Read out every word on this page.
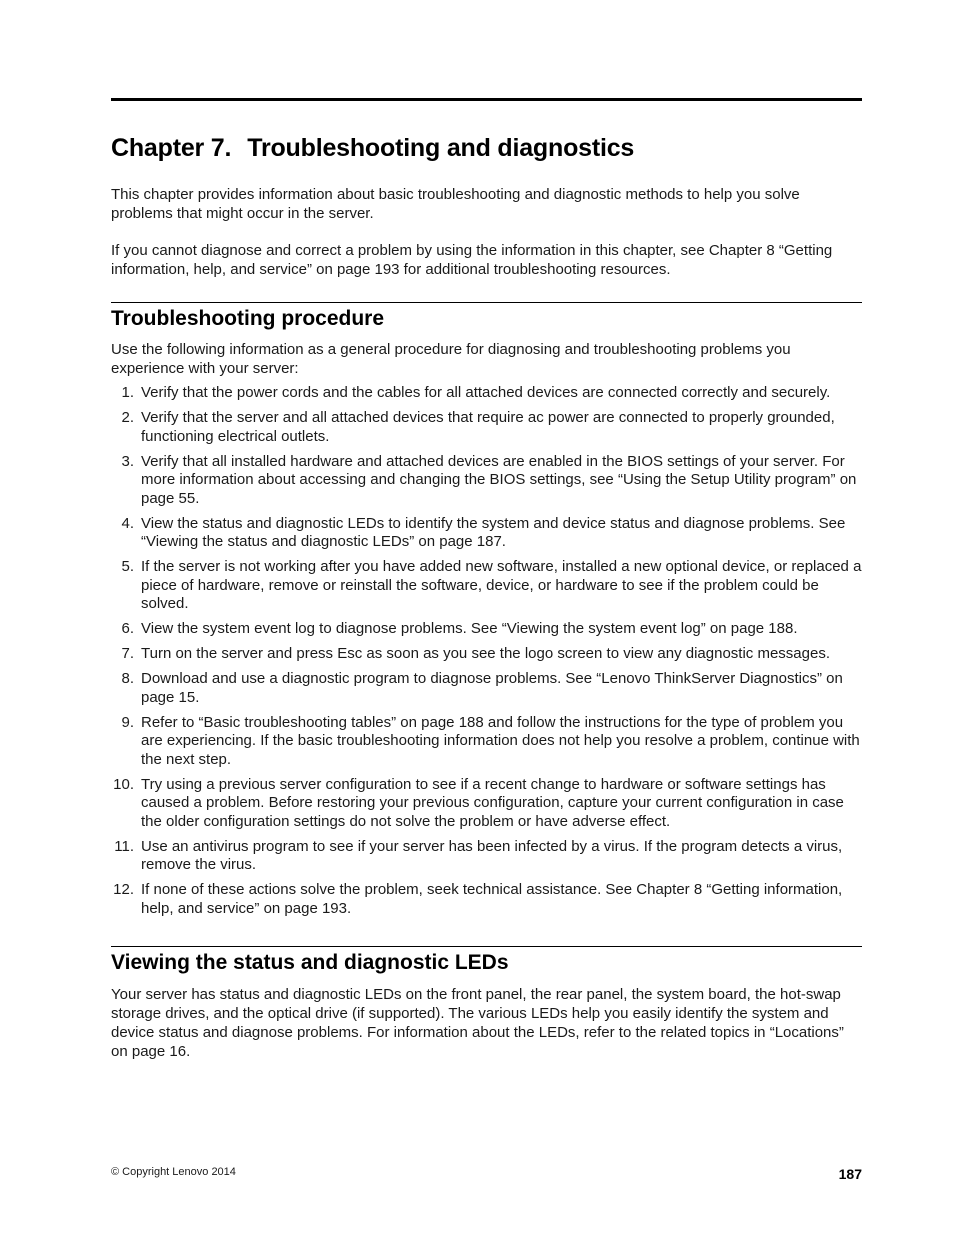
Chapter 7. Troubleshooting and diagnostics

This chapter provides information about basic troubleshooting and diagnostic methods to help you solve problems that might occur in the server.

If you cannot diagnose and correct a problem by using the information in this chapter, see Chapter 8 “Getting information, help, and service” on page 193 for additional troubleshooting resources.

Troubleshooting procedure

Use the following information as a general procedure for diagnosing and troubleshooting problems you experience with your server:

1. Verify that the power cords and the cables for all attached devices are connected correctly and securely.
2. Verify that the server and all attached devices that require ac power are connected to properly grounded, functioning electrical outlets.
3. Verify that all installed hardware and attached devices are enabled in the BIOS settings of your server. For more information about accessing and changing the BIOS settings, see “Using the Setup Utility program” on page 55.
4. View the status and diagnostic LEDs to identify the system and device status and diagnose problems. See “Viewing the status and diagnostic LEDs” on page 187.
5. If the server is not working after you have added new software, installed a new optional device, or replaced a piece of hardware, remove or reinstall the software, device, or hardware to see if the problem could be solved.
6. View the system event log to diagnose problems. See “Viewing the system event log” on page 188.
7. Turn on the server and press Esc as soon as you see the logo screen to view any diagnostic messages.
8. Download and use a diagnostic program to diagnose problems. See “Lenovo ThinkServer Diagnostics” on page 15.
9. Refer to “Basic troubleshooting tables” on page 188 and follow the instructions for the type of problem you are experiencing. If the basic troubleshooting information does not help you resolve a problem, continue with the next step.
10. Try using a previous server configuration to see if a recent change to hardware or software settings has caused a problem. Before restoring your previous configuration, capture your current configuration in case the older configuration settings do not solve the problem or have adverse effect.
11. Use an antivirus program to see if your server has been infected by a virus. If the program detects a virus, remove the virus.
12. If none of these actions solve the problem, seek technical assistance. See Chapter 8 “Getting information, help, and service” on page 193.
Viewing the status and diagnostic LEDs

Your server has status and diagnostic LEDs on the front panel, the rear panel, the system board, the hot-swap storage drives, and the optical drive (if supported). The various LEDs help you easily identify the system and device status and diagnose problems. For information about the LEDs, refer to the related topics in “Locations” on page 16.

© Copyright Lenovo 2014	187
